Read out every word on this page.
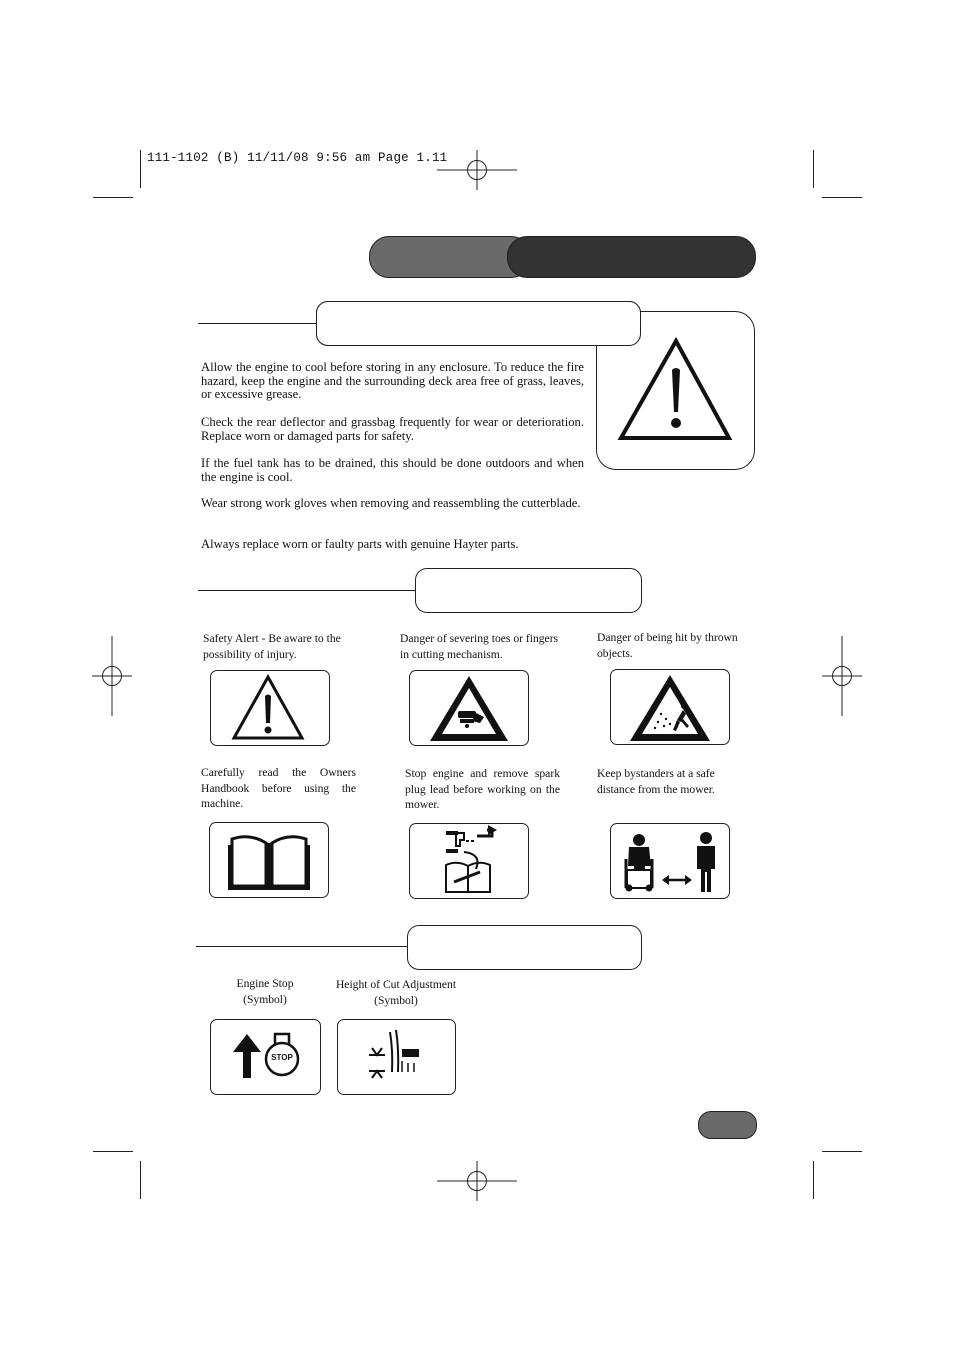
111-1102 (B) 11/11/08 9:56 am Page 1.11

Allow the engine to cool before storing in any enclosure. To reduce the fire hazard, keep the engine and the surrounding deck area free of grass, leaves, or excessive grease.

Check the rear deflector and grassbag frequently for wear or deterioration. Replace worn or damaged parts for safety.

If the fuel tank has to be drained, this should be done outdoors and when the engine is cool.

Wear strong work gloves when removing and reassembling the cutterblade.

Always replace worn or faulty parts with genuine Hayter parts.

Safety Alert - Be aware to the possibility of injury.

Danger of severing toes or fingers in cutting mechanism.

Danger of being hit by thrown objects.

Carefully read the Owners Handbook before using the machine.

Stop engine and remove spark plug lead before working on the mower.

Keep bystanders at a safe distance from the mower.

Engine Stop
(Symbol)
Height of Cut Adjustment
(Symbol)
STOP
